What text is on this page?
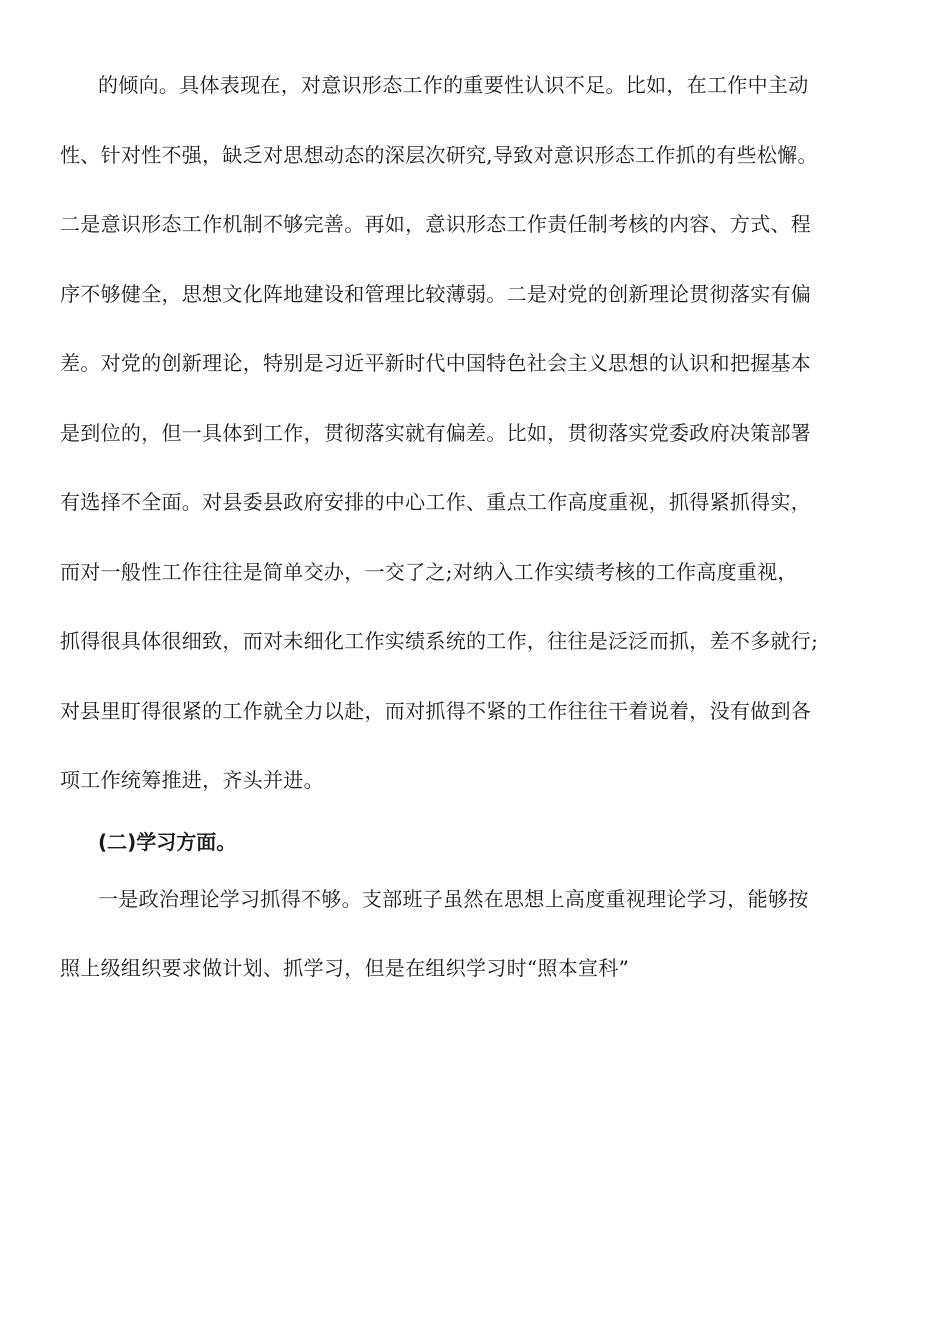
的倾向。具体表现在，对意识形态工作的重要性认识不足。比如，在工作中主动
性、针对性不强，缺乏对思想动态的深层次研究,导致对意识形态工作抓的有些松懈。
二是意识形态工作机制不够完善。再如，意识形态工作责任制考核的内容、方式、程
序不够健全，思想文化阵地建设和管理比较薄弱。二是对党的创新理论贯彻落实有偏
差。对党的创新理论，特别是习近平新时代中国特色社会主义思想的认识和把握基本
是到位的，但一具体到工作，贯彻落实就有偏差。比如，贯彻落实党委政府决策部署
有选择不全面。对县委县政府安排的中心工作、重点工作高度重视，抓得紧抓得实，
而对一般性工作往往是简单交办，一交了之;对纳入工作实绩考核的工作高度重视，
抓得很具体很细致，而对未细化工作实绩系统的工作，往往是泛泛而抓，差不多就行;
对县里盯得很紧的工作就全力以赴，而对抓得不紧的工作往往干着说着，没有做到各
项工作统筹推进，齐头并进。
(二)学习方面。
一是政治理论学习抓得不够。支部班子虽然在思想上高度重视理论学习，能够按
照上级组织要求做计划、抓学习，但是在组织学习时“照本宣科”
